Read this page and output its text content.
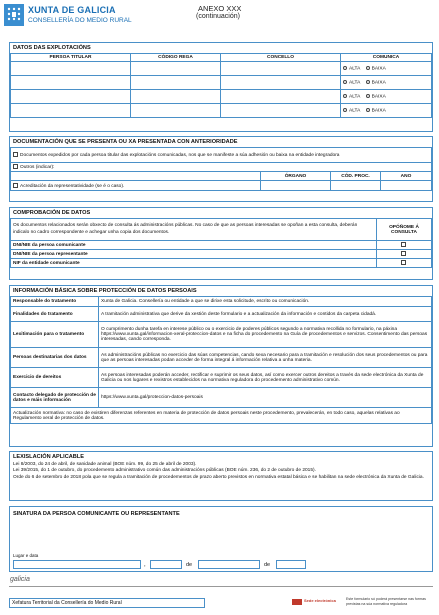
XUNTA DE GALICIA
CONSELLERÍA DO MEDIO RURAL
ANEXO XXX
(continuación)
DATOS DAS EXPLOTACIÓNS
PERSOA TITULAR	CÓDIGO REGA	CONCELLO	COMUNICA
			ALTA BAIXA
			ALTA BAIXA
			ALTA BAIXA
			ALTA BAIXA
DOCUMENTACIÓN QUE SE PRESENTA OU XA PRESENTADA CON ANTERIORIDADE
Documentos expedidos por cada persoa titular das explotacións comunicadas, nos que se manifeste a súa adhesión ou baixa na entidade integradora			
Outros (indicar):			
	ÓRGANO	CÓD. PROC.	ANO
Acreditación da representatividade (se é o caso).			
COMPROBACIÓN DE DATOS
Os documentos relacionados serán obxecto de consulta ás administracións públicas. No caso de que as persoas interesadas se opoñan a esta consulta, deberán indicalo no cadro correspondente e achegar unha copia dos documentos.	OPÓÑOME Á CONSULTA
DNI/NIE da persoa comunicante	
DNI/NIE da persoa representante	
NIF da entidade comunicante	
INFORMACIÓN BÁSICA SOBRE PROTECCIÓN DE DATOS PERSOAIS
Responsable do tratamento	Xunta de Galicia. Consellería ou entidade a que se dirixe esta solicitude, escrito ou comunicación.
Finalidades do tratamento	A tramitación administrativa que derive da xestión deste formulario e a actualización da información e contidos da carpeta cidadá.
Lexitimación para o tratamento	O cumprimento dunha tarefa en interese público ou o exercicio de poderes públicos segundo a normativa recollida no formulario, na páxina https://www.xunta.gal/informacion-xeral-proteccion-datos e na ficha do procedemento na Guía de procedementos e servizos. Consentimento das persoas interesadas, cando corresponda.
Persoas destinatarias dos datos	As administracións públicas no exercicio das súas competencias, cando sexa necesario para a tramitación e resolución dos seus procedementos ou para que as persoas interesadas podan acceder de forma integral á información relativa a unha materia.
Exercicio de dereitos	As persoas interesadas poderán acceder, rectificar e suprimir os seus datos, así como exercer outros dereitos a través da sede electrónica da Xunta de Galicia ou nos lugares e rexistros establecidos na normativa reguladora do procedemento administrativo común.
Contacto delegado de protección de datos e máis información	https://www.xunta.gal/proteccion-datos-persoais
Actualización normativa: no caso de existiren diferenzas referentes en materia de protección de datos persoais neste procedemento, prevalecerán, en todo caso, aquelas relativas ao Regulamento xeral de protección de datos.	
LEXISLACIÓN APLICABLE
Lei 8/2003, do 24 de abril, de sanidade animal (BOE núm. 99, do 25 de abril de 2003).
Lei 39/2015, do 1 de outubro, do procedemento administrativo común das administracións públicas (BOE núm. 236, do 2 de outubro de 2015).
Orde do 6 de setembro de 2018 pola que se regula a tramitación de procedementos de prazo aberto previstos en normativa estatal básica e se habilitan na sede electrónica da Xunta de Galicia.
SINATURA DA PERSOA COMUNICANTE OU REPRESENTANTE
Lugar e data
,	de	de
galicia
Xefatura Territorial da Consellería do Medio Rural	Sede electrónica	Este formulario só poderá presentarse nas formas previstas na súa normativa reguladora
